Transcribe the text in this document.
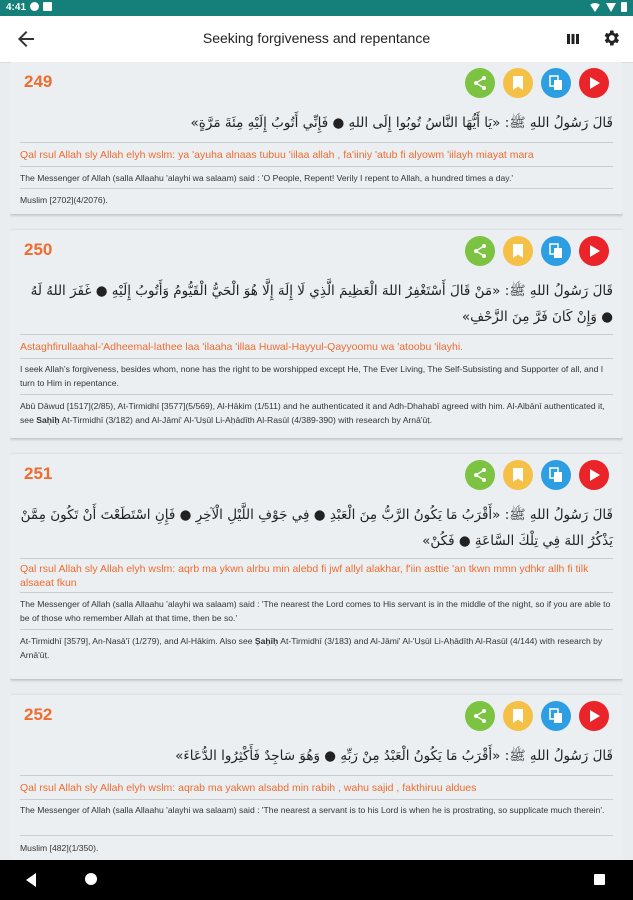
4:41
Seeking forgiveness and repentance
249
قَالَ رَسُولُ اللهِ ﷺ: «يَا أَيُّهَا النَّاسُ تُوبُوا إِلَى اللهِ ● فَإِنِّي أَتُوبُ إِلَيْهِ مِئَةَ مَرَّةٍ»
Qal rsul Allah sly Allah elyh wslm: ya 'ayuha alnaas tubuu 'iilaa allah , fa'iiniy 'atub fi alyowm 'iilayh miayat mara
The Messenger of Allah (salla Allaahu 'alayhi wa salaam) said : 'O People, Repent! Verily I repent to Allah, a hundred times a day.'
Muslim [2702](4/2076).
250
قَالَ رَسُولُ اللهِ ﷺ: «مَنْ قَالَ أَسْتَغْفِرُ اللهَ الْعَظِيمَ الَّذِي لَا إِلَهَ إِلَّا هُوَ الْحَيُّ الْقَيُّومُ وَأَتُوبُ إِلَيْهِ ● غَفَرَ اللهُ لَهُ ● وَإِنْ كَانَ فَرَّ مِنَ الزَّحْفِ»
Astaghfirullaahal-'Adheemal-lathee laa 'ilaaha 'illaa Huwal-Hayyul-Qayyoomu wa 'atoobu 'ilayhi.
I seek Allah's forgiveness, besides whom, none has the right to be worshipped except He, The Ever Living, The Self-Subsisting and Supporter of all, and I turn to Him in repentance.
Abū Dāwud [1517](2/85), At-Tirmidhī [3577](5/569), Al-Hākim (1/511) and he authenticated it and Adh-Dhahabī agreed with him. Al-Albānī authenticated it, see Saḥīḥ At-Tirmidhī (3/182) and Al-Jāmi' Al-'Uṣūl Li-Aḥādīth Al-Rasūl (4/389-390) with research by Arnā'ūṭ.
251
قَالَ رَسُولُ اللهِ ﷺ: «أَقْرَبُ مَا يَكُونُ الرَّبُّ مِنَ الْعَبْدِ ● فِي جَوْفِ اللَّيْلِ الْآخِرِ ● فَإِنِ اسْتَطَعْتَ أَنْ تَكُونَ مِمَّنْ يَذْكُرُ اللهَ فِي تِلْكَ السَّاعَةِ ● فَكُنْ»
Qal rsul Allah sly Allah elyh wslm: aqrb ma ykwn alrbu min alebd fi jwf allyl alakhar, f'iin asttie 'an tkwn mmn ydhkr allh fi tilk alsaeat fkun
The Messenger of Allah (salla Allaahu 'alayhi wa salaam) said : 'The nearest the Lord comes to His servant is in the middle of the night, so if you are able to be of those who remember Allah at that time, then be so.'
At-Tirmidhī [3579], An-Nasā'ī (1/279), and Al-Hākim. Also see Ṣaḥīḥ At-Tirmidhī (3/183) and Al-Jāmi' Al-'Uṣūl Li-Aḥādīth Al-Rasūl (4/144) with research by Arnā'ūṭ.
252
قَالَ رَسُولُ اللهِ ﷺ: «أَقْرَبُ مَا يَكُونُ الْعَبْدُ مِنْ رَبِّهِ ● وَهُوَ سَاجِدٌ فَأَكْثِرُوا الدُّعَاءَ»
Qal rsul Allah sly Allah elyh wslm: aqrab ma yakwn alsabd min rabih , wahu sajid , fakthiruu aldues
The Messenger of Allah (salla Allaahu 'alayhi wa salaam) said : 'The nearest a servant is to his Lord is when he is prostrating, so supplicate much therein'.
Muslim [482](1/350).
